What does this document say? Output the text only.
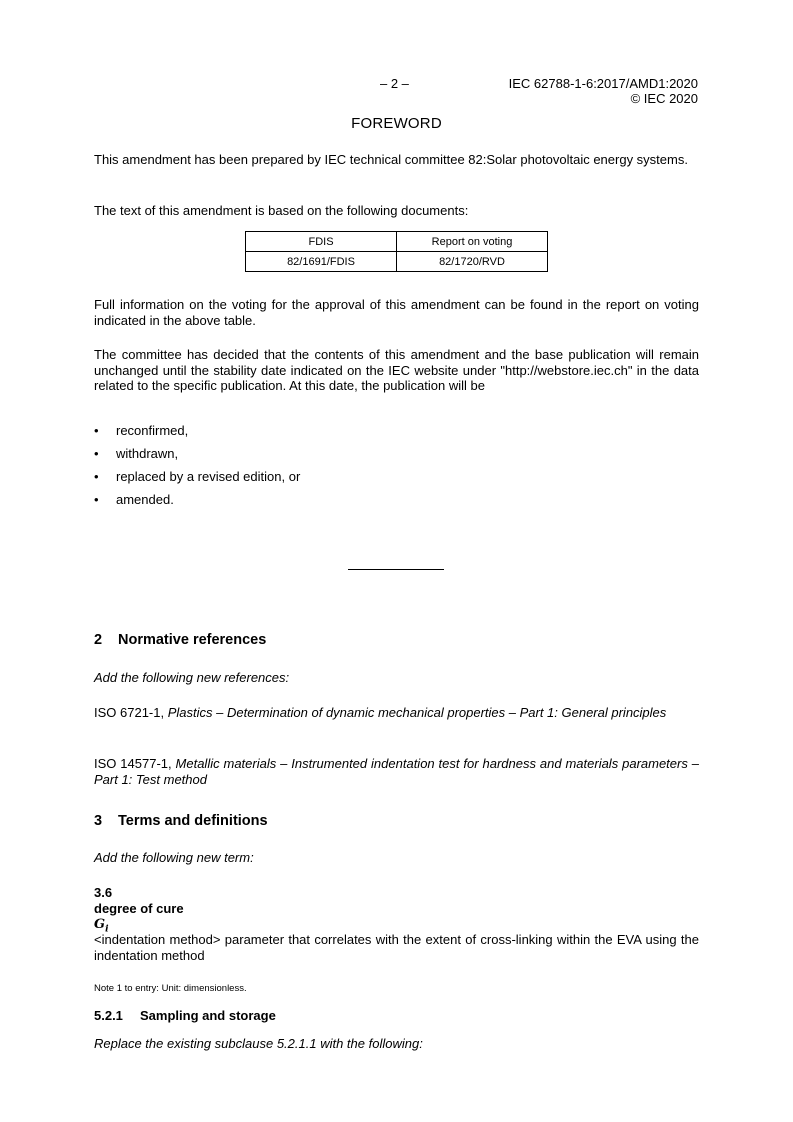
– 2 –	IEC 62788-1-6:2017/AMD1:2020
© IEC 2020
FOREWORD
This amendment has been prepared by IEC technical committee 82:Solar photovoltaic energy systems.
The text of this amendment is based on the following documents:
FDIS	Report on voting
82/1691/FDIS	82/1720/RVD
Full information on the voting for the approval of this amendment can be found in the report on voting indicated in the above table.
The committee has decided that the contents of this amendment and the base publication will remain unchanged until the stability date indicated on the IEC website under "http://webstore.iec.ch" in the data related to the specific publication. At this date, the publication will be
• reconfirmed,
• withdrawn,
• replaced by a revised edition, or
• amended.
2 Normative references
Add the following new references:
ISO 6721-1, Plastics – Determination of dynamic mechanical properties – Part 1: General principles
ISO 14577-1, Metallic materials – Instrumented indentation test for hardness and materials parameters – Part 1: Test method
3 Terms and definitions
Add the following new term:
3.6
degree of cure
$G_i$
<indentation method> parameter that correlates with the extent of cross-linking within the EVA using the indentation method
Note 1 to entry: Unit: dimensionless.
5.2.1 Sampling and storage
Replace the existing subclause 5.2.1.1 with the following:
